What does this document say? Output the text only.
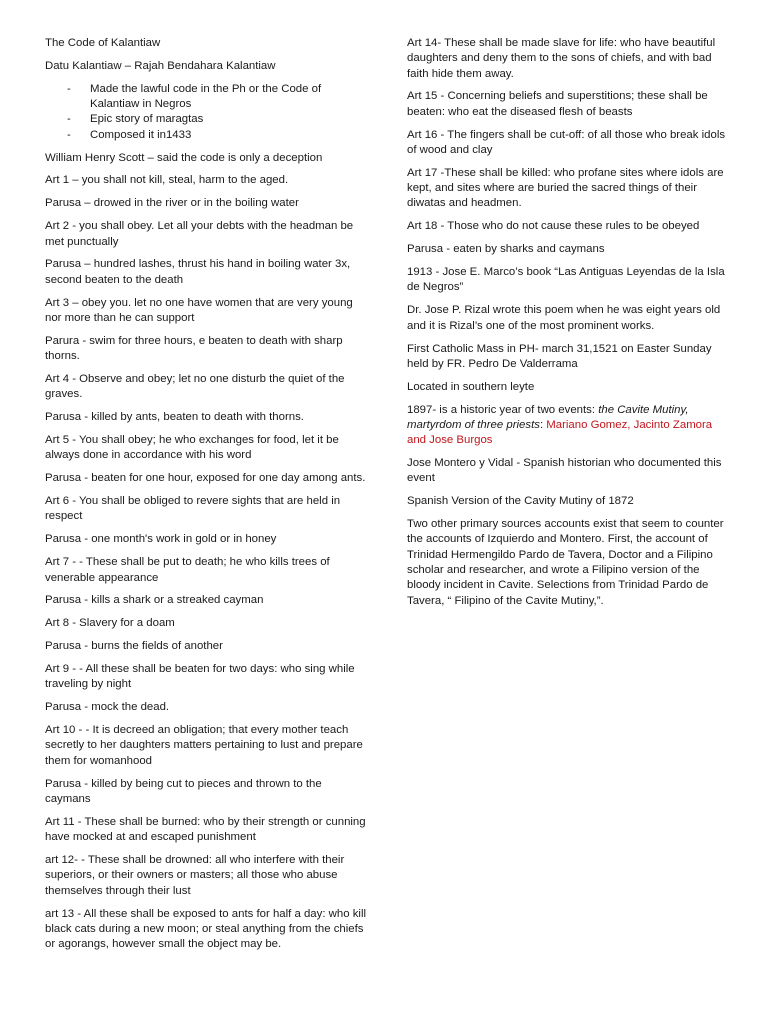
The Code of Kalantiaw

Datu Kalantiaw – Rajah Bendahara Kalantiaw

- Made the lawful code in the Ph or the Code of Kalantiaw in Negros
- Epic story of maragtas
- Composed it in1433

William Henry Scott – said the code is only a deception

Art 1 – you shall not kill, steal, harm to the aged.

Parusa – drowed in the river or in the boiling water

Art 2 - you shall obey. Let all your debts with the headman be met punctually

Parusa – hundred lashes, thrust his hand in boiling water 3x, second beaten to the death

Art 3 – obey you. let no one have women that are very young nor more than he can support

Parura - swim for three hours, e beaten to death with sharp thorns.

Art 4 - Observe and obey; let no one disturb the quiet of the graves.

Parusa - killed by ants, beaten to death with thorns.

Art 5 - You shall obey; he who exchanges for food, let it be always done in accordance with his word

Parusa - beaten for one hour, exposed for one day among ants.

Art 6 - You shall be obliged to revere sights that are held in respect

Parusa - one month's work in gold or in honey

Art 7 - - These shall be put to death; he who kills trees of venerable appearance

Parusa - kills a shark or a streaked cayman

Art 8 - Slavery for a doam

Parusa - burns the fields of another

Art 9 - - All these shall be beaten for two days: who sing while traveling by night

Parusa - mock the dead.

Art 10 - - It is decreed an obligation; that every mother teach secretly to her daughters matters pertaining to lust and prepare them for womanhood

Parusa - killed by being cut to pieces and thrown to the caymans

Art 11 - These shall be burned: who by their strength or cunning have mocked at and escaped punishment

art 12- - These shall be drowned: all who interfere with their superiors, or their owners or masters; all those who abuse themselves through their lust

art 13 - All these shall be exposed to ants for half a day: who kill black cats during a new moon; or steal anything from the chiefs or agorangs, however small the object may be.

Art 14- These shall be made slave for life: who have beautiful daughters and deny them to the sons of chiefs, and with bad faith hide them away.

Art 15 - Concerning beliefs and superstitions; these shall be beaten: who eat the diseased flesh of beasts

Art 16 - The fingers shall be cut-off: of all those who break idols of wood and clay

Art 17 -These shall be killed: who profane sites where idols are kept, and sites where are buried the sacred things of their diwatas and headmen.

Art 18 - Those who do not cause these rules to be obeyed

Parusa - eaten by sharks and caymans

1913 - Jose E. Marco’s book “Las Antiguas Leyendas de la Isla de Negros”

Dr. Jose P. Rizal wrote this poem when he was eight years old and it is Rizal’s one of the most prominent works.

First Catholic Mass in PH- march 31,1521 on Easter Sunday held by FR. Pedro De Valderrama

Located in southern leyte

1897- is a historic year of two events: the Cavite Mutiny, martyrdom of three priests: Mariano Gomez, Jacinto Zamora and Jose Burgos

Jose Montero y Vidal - Spanish historian who documented this event

Spanish Version of the Cavity Mutiny of 1872

Two other primary sources accounts exist that seem to counter the accounts of Izquierdo and Montero. First, the account of Trinidad Hermengildo Pardo de Tavera, Doctor and a Filipino scholar and researcher, and wrote a Filipino version of the bloody incident in Cavite. Selections from Trinidad Pardo de Tavera, “ Filipino of the Cavite Mutiny,”.
